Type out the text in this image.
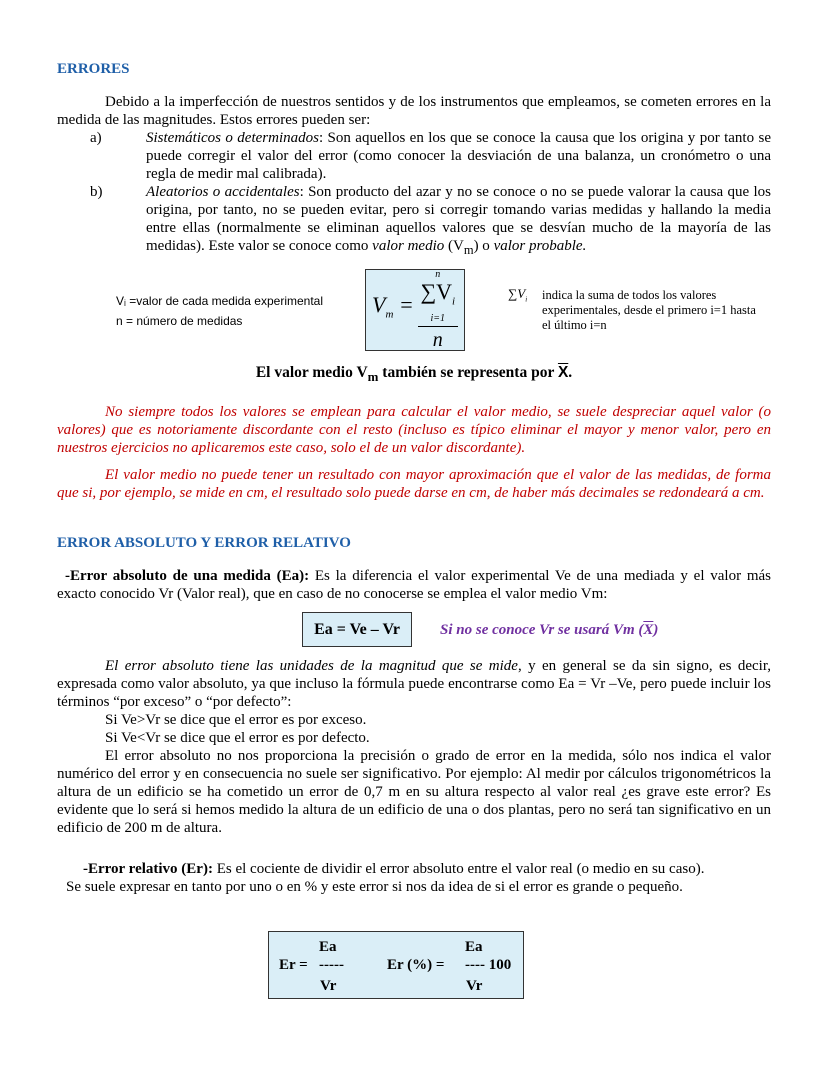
ERRORES
Debido a la imperfección de nuestros sentidos y de los instrumentos que empleamos, se cometen errores en la medida de las magnitudes. Estos errores pueden ser:
a)	Sistemáticos o determinados: Son aquellos en los que se conoce la causa que los origina y por tanto se puede corregir el valor del error (como conocer la desviación de una balanza, un cronómetro o una regla de medir mal calibrada).
b)	Aleatorios o accidentales: Son producto del azar y no se conoce o no se puede valorar la causa que los origina, por tanto, no se pueden evitar, pero si corregir tomando varias medidas y hallando la media entre ellas (normalmente se eliminan aquellos valores que se desvían mucho de la mayoría de las medidas). Este valor se conoce como valor medio $(V_m)$ o valor probable.
Vᵢ =valor de cada medida experimental
n = número de medidas
$V_m$ =
n
$\sum V_i$
i=1
n
$\sum V_i$ indica la suma de todos los valores experimentales, desde el primero i=1 hasta el último i=n
El valor medio $V_m$ también se representa por $\overline{X}$.
No siempre todos los valores se emplean para calcular el valor medio, se suele despreciar aquel valor (o valores) que es notoriamente discordante con el resto (incluso es típico eliminar el mayor y menor valor, pero en nuestros ejercicios no aplicaremos este caso, solo el de un valor discordante).
El valor medio no puede tener un resultado con mayor aproximación que el valor de las medidas, de forma que si, por ejemplo, se mide en cm, el resultado solo puede darse en cm, de haber más decimales se redondeará a cm.
ERROR ABSOLUTO Y ERROR RELATIVO
-Error absoluto de una medida (Ea): Es la diferencia el valor experimental Ve de una mediada y el valor más exacto conocido Vr (Valor real), que en caso de no conocerse se emplea el valor medio Vm:
Ea = Ve – Vr	Si no se conoce Vr se usará Vm $(\overline{X})$
El error absoluto tiene las unidades de la magnitud que se mide, y en general se da sin signo, es decir, expresada como valor absoluto, ya que incluso la fórmula puede encontrarse como Ea = Vr –Ve, pero puede incluir los términos “por exceso” o “por defecto”:
Si Ve>Vr se dice que el error es por exceso.
Si Ve<Vr se dice que el error es por defecto.
El error absoluto no nos proporciona la precisión o grado de error en la medida, sólo nos indica el valor numérico del error y en consecuencia no suele ser significativo. Por ejemplo: Al medir por cálculos trigonométricos la altura de un edificio se ha cometido un error de 0,7 m en su altura respecto al valor real ¿es grave este error? Es evidente que lo será si hemos medido la altura de un edificio de una o dos plantas, pero no será tan significativo en un edificio de 200 m de altura.
-Error relativo (Er): Es el cociente de dividir el error absoluto entre el valor real (o medio en su caso).
Se suele expresar en tanto por uno o en % y este error si nos da idea de si el error es grande o pequeño.
Er =
Ea
-----
Vr
Er (%) =
Ea
---- 100
Vr
